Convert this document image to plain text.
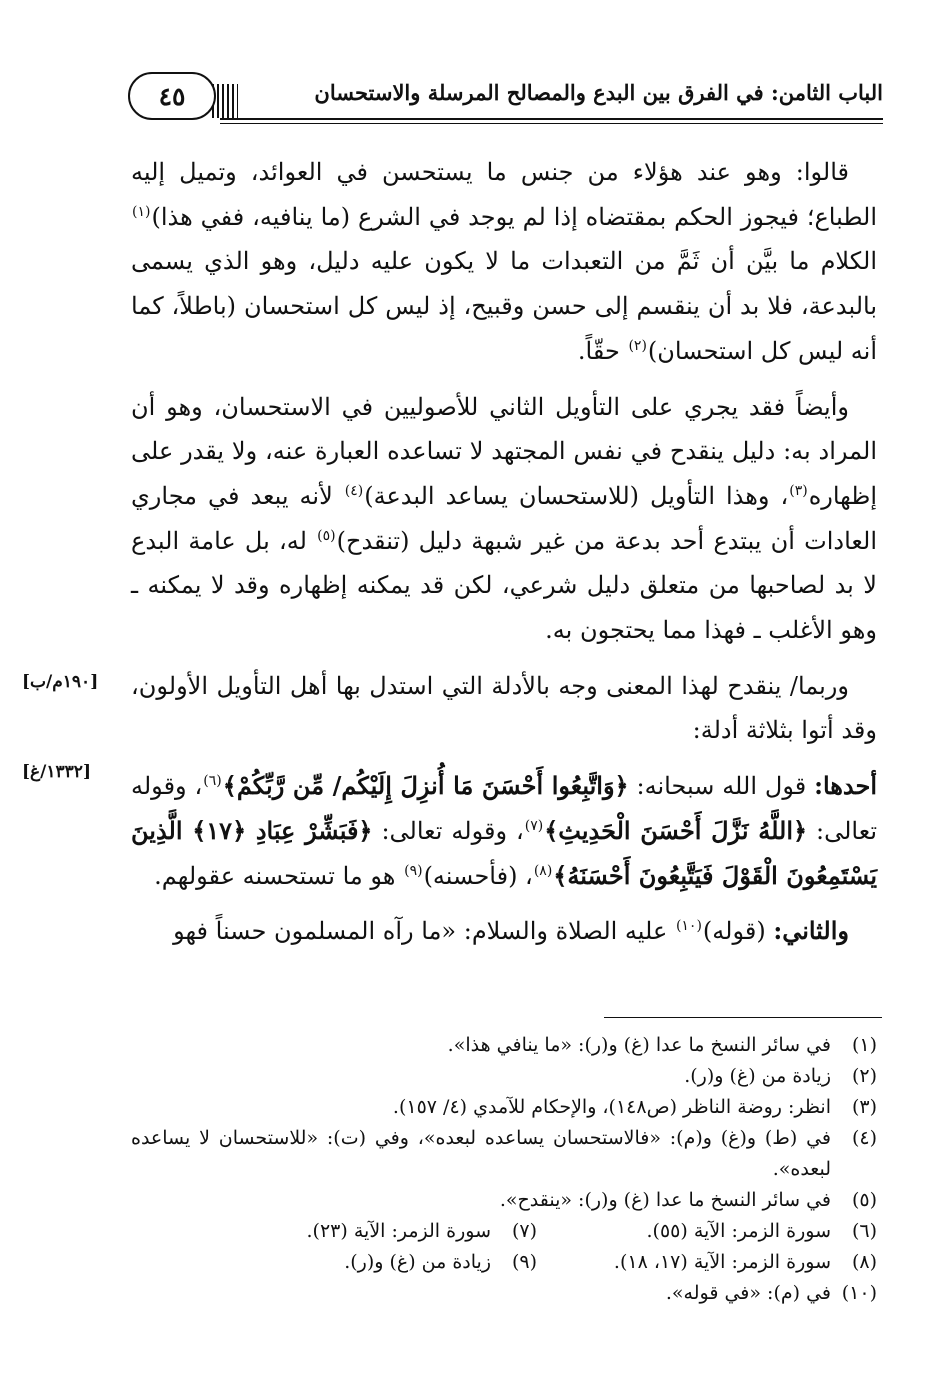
الباب الثامن: في الفرق بين البدع والمصالح المرسلة والاستحسان
٤٥
[١٩٠م/ب]
[١٣٣٢/غ]

قالوا: وهو عند هؤلاء من جنس ما يستحسن في العوائد، وتميل إليه الطباع؛ فيجوز الحكم بمقتضاه إذا لم يوجد في الشرع (ما ينافيه، ففي هذا)$^{(١)}$ الكلام ما بيَّن أن ثَمَّ من التعبدات ما لا يكون عليه دليل، وهو الذي يسمى بالبدعة، فلا بد أن ينقسم إلى حسن وقبيح، إذ ليس كل استحسان (باطلاً، كما أنه ليس كل استحسان)$^{(٢)}$ حقّاً.

وأيضاً فقد يجري على التأويل الثاني للأصوليين في الاستحسان، وهو أن المراد به: دليل ينقدح في نفس المجتهد لا تساعده العبارة عنه، ولا يقدر على إظهاره$^{(٣)}$، وهذا التأويل (للاستحسان يساعد البدعة)$^{(٤)}$ لأنه يبعد في مجاري العادات أن يبتدع أحد بدعة من غير شبهة دليل (تنقدح)$^{(٥)}$ له، بل عامة البدع لا بد لصاحبها من متعلق دليل شرعي، لكن قد يمكنه إظهاره وقد لا يمكنه ـ وهو الأغلب ـ فهذا مما يحتجون به.

وربما/ ينقدح لهذا المعنى وجه بالأدلة التي استدل بها أهل التأويل الأولون، وقد أتوا بثلاثة أدلة:

أحدها: قول الله سبحانه: ﴿وَاتَّبِعُوا أَحْسَنَ مَا أُنزِلَ إِلَيْكُم/ مِّن رَّبِّكُمْ﴾$^{(٦)}$، وقوله تعالى: ﴿اللَّهُ نَزَّلَ أَحْسَنَ الْحَدِيثِ﴾$^{(٧)}$، وقوله تعالى: ﴿فَبَشِّرْ عِبَادِ ﴿١٧﴾ الَّذِينَ يَسْتَمِعُونَ الْقَوْلَ فَيَتَّبِعُونَ أَحْسَنَهُ﴾$^{(٨)}$، (فأحسنه)$^{(٩)}$ هو ما تستحسنه عقولهم.

والثاني: (قوله)$^{(١٠)}$ عليه الصلاة والسلام: «ما رآه المسلمون حسناً فهو

(١)
في سائر النسخ ما عدا (غ) و(ر): «ما ينافي هذا».
(٢)
زيادة من (غ) و(ر).
(٣)
انظر: روضة الناظر (ص١٤٨)، والإحكام للآمدي (٤/ ١٥٧).
(٤)
في (ط) و(غ) و(م): «فالاستحسان يساعده لبعده»، وفي (ت): «للاستحسان لا يساعده لبعده».
(٥)
في سائر النسخ ما عدا (غ) و(ر): «ينقدح».
(٦)
سورة الزمر: الآية (٥٥).
(٧)
سورة الزمر: الآية (٢٣).
(٨)
سورة الزمر: الآية (١٧، ١٨).
(٩)
زيادة من (غ) و(ر).
(١٠)
في (م): «في قوله».
